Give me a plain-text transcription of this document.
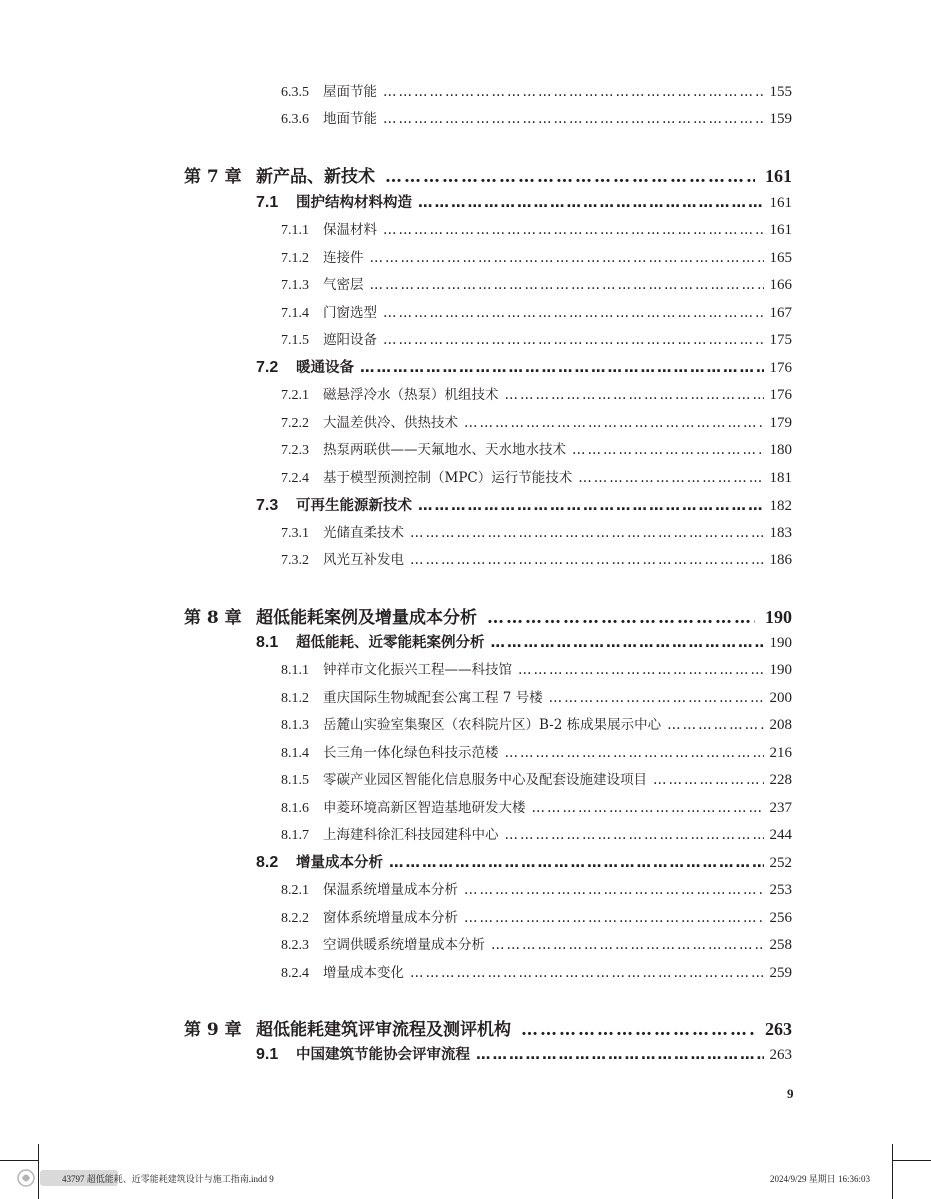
6.3.5 屋面节能 …………………………………………………………………………………………………………………………………………………………………………………………………………	155
6.3.6 地面节能 …………………………………………………………………………………………………………………………………………………………………………………………………………	159
第 7 章 新产品、新技术 …………………………………………………………………………………………………………………………………………………………………………………………………………	161
7.1 围护结构材料构造 …………………………………………………………………………………………………………………………………………………………………………………………………………	161
7.1.1 保温材料 …………………………………………………………………………………………………………………………………………………………………………………………………………	161
7.1.2 连接件 …………………………………………………………………………………………………………………………………………………………………………………………………………	165
7.1.3 气密层 …………………………………………………………………………………………………………………………………………………………………………………………………………	166
7.1.4 门窗选型 …………………………………………………………………………………………………………………………………………………………………………………………………………	167
7.1.5 遮阳设备 …………………………………………………………………………………………………………………………………………………………………………………………………………	175
7.2 暖通设备 …………………………………………………………………………………………………………………………………………………………………………………………………………	176
7.2.1 磁悬浮冷水（热泵）机组技术 …………………………………………………………………………………………………………………………………………………………………………………………………………	176
7.2.2 大温差供冷、供热技术 …………………………………………………………………………………………………………………………………………………………………………………………………………	179
7.2.3 热泵两联供——天氟地水、天水地水技术 …………………………………………………………………………………………………………………………………………………………………………………………………………	180
7.2.4 基于模型预测控制（MPC）运行节能技术 …………………………………………………………………………………………………………………………………………………………………………………………………………	181
7.3 可再生能源新技术 …………………………………………………………………………………………………………………………………………………………………………………………………………	182
7.3.1 光储直柔技术 …………………………………………………………………………………………………………………………………………………………………………………………………………	183
7.3.2 风光互补发电 …………………………………………………………………………………………………………………………………………………………………………………………………………	186
第 8 章 超低能耗案例及增量成本分析 …………………………………………………………………………………………………………………………………………………………………………………………………………	190
8.1 超低能耗、近零能耗案例分析 …………………………………………………………………………………………………………………………………………………………………………………………………………	190
8.1.1 钟祥市文化振兴工程——科技馆 …………………………………………………………………………………………………………………………………………………………………………………………………………	190
8.1.2 重庆国际生物城配套公寓工程 7 号楼 …………………………………………………………………………………………………………………………………………………………………………………………………………	200
8.1.3 岳麓山实验室集聚区（农科院片区）B-2 栋成果展示中心 …………………………………………………………………………………………………………………………………………………………………………………………………………	208
8.1.4 长三角一体化绿色科技示范楼 …………………………………………………………………………………………………………………………………………………………………………………………………………	216
8.1.5 零碳产业园区智能化信息服务中心及配套设施建设项目 …………………………………………………………………………………………………………………………………………………………………………………………………………	228
8.1.6 申菱环境高新区智造基地研发大楼 …………………………………………………………………………………………………………………………………………………………………………………………………………	237
8.1.7 上海建科徐汇科技园建科中心 …………………………………………………………………………………………………………………………………………………………………………………………………………	244
8.2 增量成本分析 …………………………………………………………………………………………………………………………………………………………………………………………………………	252
8.2.1 保温系统增量成本分析 …………………………………………………………………………………………………………………………………………………………………………………………………………	253
8.2.2 窗体系统增量成本分析 …………………………………………………………………………………………………………………………………………………………………………………………………………	256
8.2.3 空调供暖系统增量成本分析 …………………………………………………………………………………………………………………………………………………………………………………………………………	258
8.2.4 增量成本变化 …………………………………………………………………………………………………………………………………………………………………………………………………………	259
第 9 章 超低能耗建筑评审流程及测评机构 …………………………………………………………………………………………………………………………………………………………………………………………………………	263
9.1 中国建筑节能协会评审流程 …………………………………………………………………………………………………………………………………………………………………………………………………………	263
9
43797 超低能耗、近零能耗建筑设计与施工指南.indd 9	2024/9/29 星期日 16:36:03
